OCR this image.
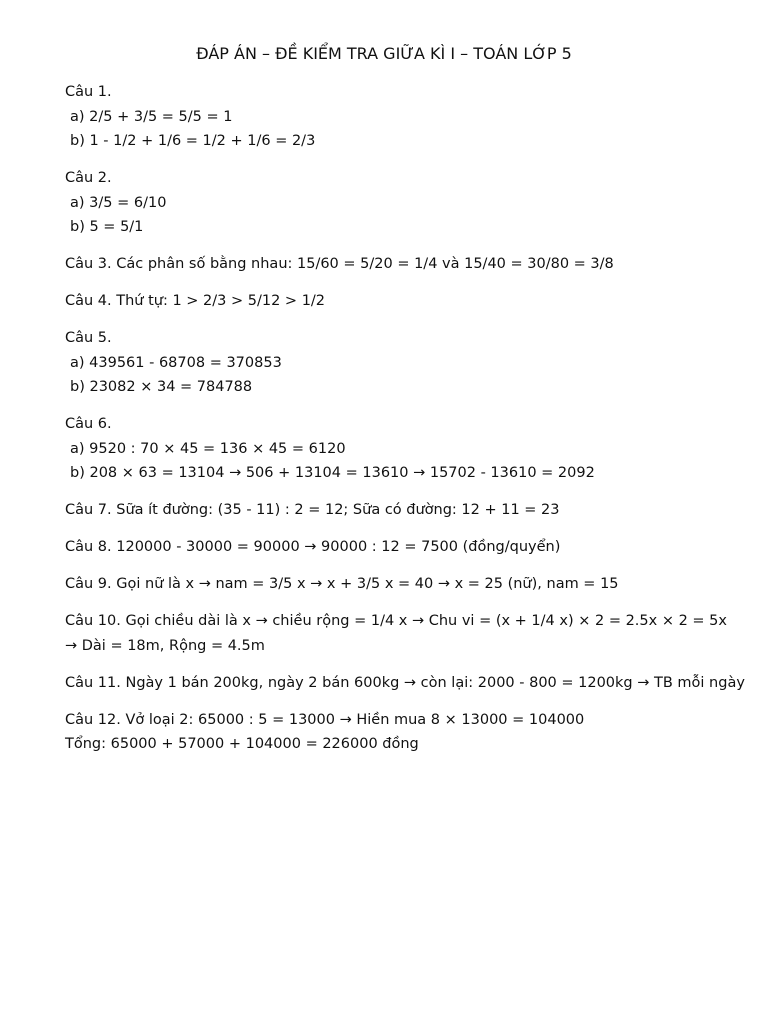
ĐÁP ÁN – ĐỀ KIỂM TRA GIỮA KÌ I – TOÁN LỚP 5
Câu 1.
a) 2/5 + 3/5 = 5/5 = 1
b) 1 - 1/2 + 1/6 = 1/2 + 1/6 = 2/3
Câu 2.
a) 3/5 = 6/10
b) 5 = 5/1
Câu 3. Các phân số bằng nhau: 15/60 = 5/20 = 1/4 và 15/40 = 30/80 = 3/8
Câu 4. Thứ tự: 1 > 2/3 > 5/12 > 1/2
Câu 5.
a) 439561 - 68708 = 370853
b) 23082 × 34 = 784788
Câu 6.
a) 9520 : 70 × 45 = 136 × 45 = 6120
b) 208 × 63 = 13104 → 506 + 13104 = 13610 → 15702 - 13610 = 2092
Câu 7. Sữa ít đường: (35 - 11) : 2 = 12; Sữa có đường: 12 + 11 = 23
Câu 8. 120000 - 30000 = 90000 → 90000 : 12 = 7500 (đồng/quyển)
Câu 9. Gọi nữ là x → nam = 3/5 x → x + 3/5 x = 40 → x = 25 (nữ), nam = 15
Câu 10. Gọi chiều dài là x → chiều rộng = 1/4 x → Chu vi = (x + 1/4 x) × 2 = 2.5x × 2 = 5x
→ Dài = 18m, Rộng = 4.5m
Câu 11. Ngày 1 bán 200kg, ngày 2 bán 600kg → còn lại: 2000 - 800 = 1200kg → TB mỗi ngày
Câu 12. Vở loại 2: 65000 : 5 = 13000 → Hiền mua 8 × 13000 = 104000
Tổng: 65000 + 57000 + 104000 = 226000 đồng
